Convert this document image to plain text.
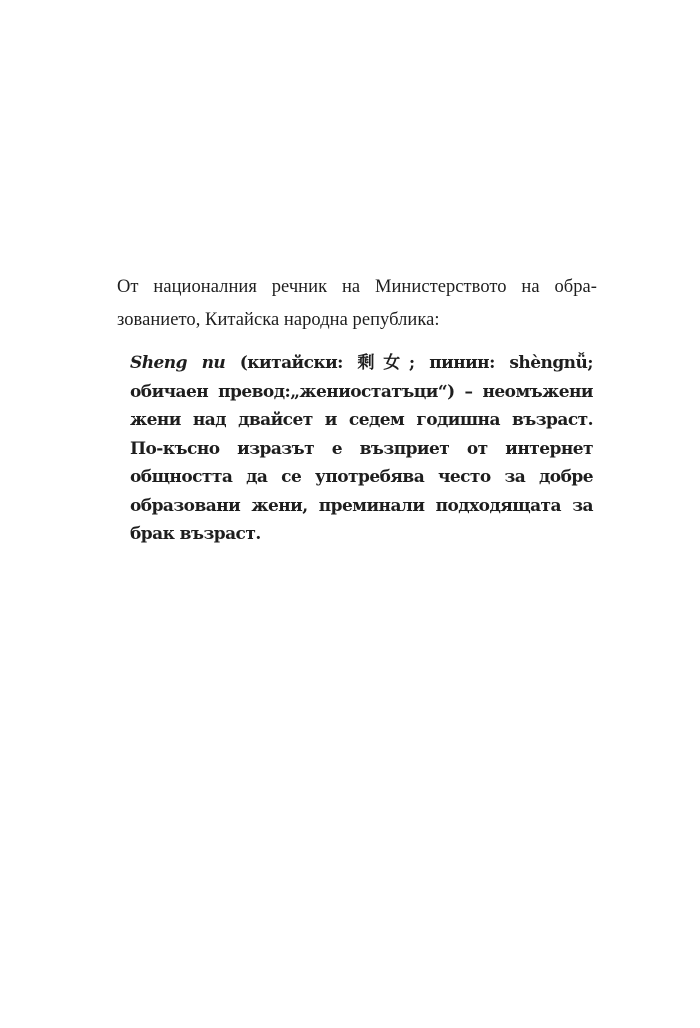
От националния речник на Министерството на обра-
зованието, Китайска народна република:

Sheng nu (китайски: 剩女; пинин: shèngnǚ;
обичаен превод:„жениостатъци“) – неомъжени
жени над двайсет и седем годишна възраст.
По-късно изразът е възприет от интернет
общността да се употребява често за добре
образовани жени, преминали подходящата за
брак възраст.
